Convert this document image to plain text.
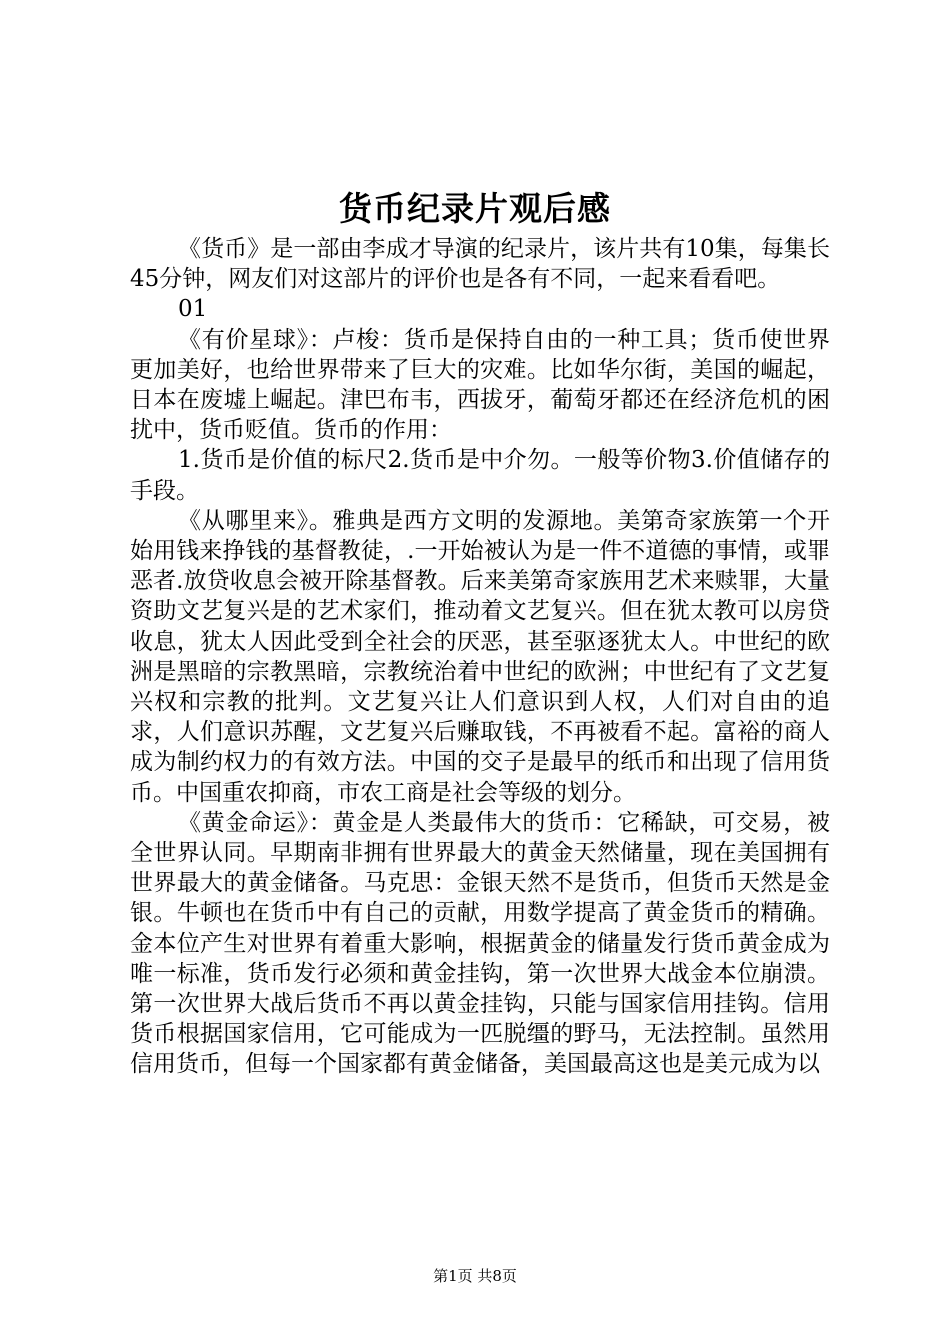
货币纪录片观后感

《货币》是一部由李成才导演的纪录片，该片共有10集，每集长45分钟，网友们对这部片的评价也是各有不同，一起来看看吧。

01

《有价星球》：卢梭：货币是保持自由的一种工具；货币使世界更加美好，也给世界带来了巨大的灾难。比如华尔街，美国的崛起，日本在废墟上崛起。津巴布韦，西拔牙，葡萄牙都还在经济危机的困扰中，货币贬值。货币的作用：

1.货币是价值的标尺2.货币是中介勿。一般等价物3.价值储存的手段。

《从哪里来》。雅典是西方文明的发源地。美第奇家族第一个开始用钱来挣钱的基督教徒，.一开始被认为是一件不道德的事情，或罪恶者.放贷收息会被开除基督教。后来美第奇家族用艺术来赎罪，大量资助文艺复兴是的艺术家们，推动着文艺复兴。但在犹太教可以房贷收息，犹太人因此受到全社会的厌恶，甚至驱逐犹太人。中世纪的欧洲是黑暗的宗教黑暗，宗教统治着中世纪的欧洲；中世纪有了文艺复兴权和宗教的批判。文艺复兴让人们意识到人权，人们对自由的追求，人们意识苏醒，文艺复兴后赚取钱，不再被看不起。富裕的商人成为制约权力的有效方法。中国的交子是最早的纸币和出现了信用货币。中国重农抑商，市农工商是社会等级的划分。

《黄金命运》：黄金是人类最伟大的货币：它稀缺，可交易，被全世界认同。早期南非拥有世界最大的黄金天然储量，现在美国拥有世界最大的黄金储备。马克思：金银天然不是货币，但货币天然是金银。牛顿也在货币中有自己的贡献，用数学提高了黄金货币的精确。金本位产生对世界有着重大影响，根据黄金的储量发行货币黄金成为唯一标准，货币发行必须和黄金挂钩，第一次世界大战金本位崩溃。第一次世界大战后货币不再以黄金挂钩，只能与国家信用挂钩。信用货币根据国家信用，它可能成为一匹脱缰的野马，无法控制。虽然用信用货币，但每一个国家都有黄金储备，美国最高这也是美元成为以

第1页 共8页
